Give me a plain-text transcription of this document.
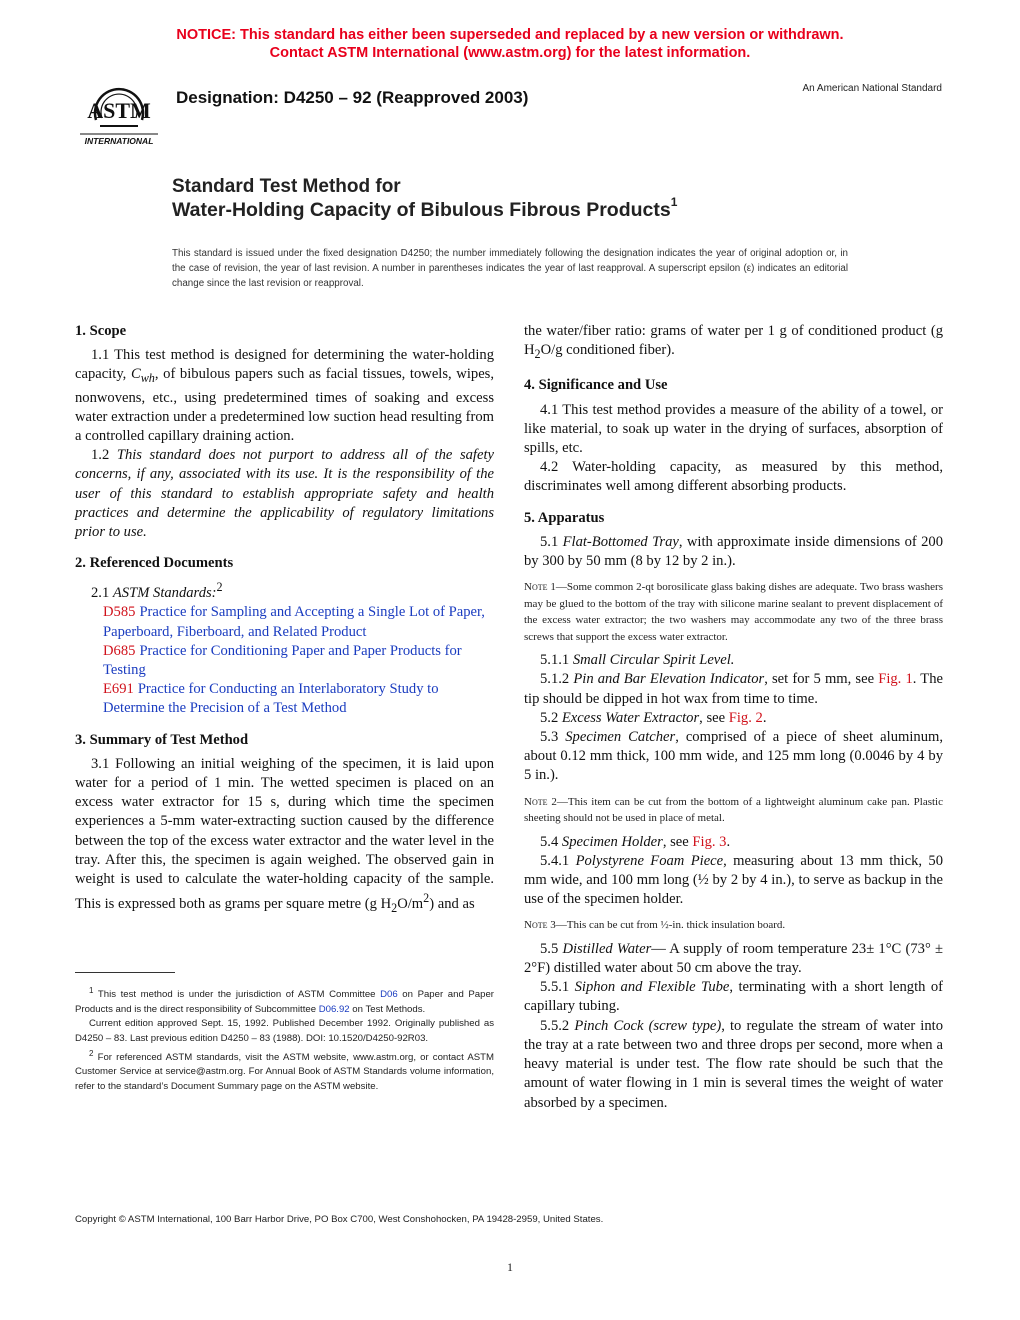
NOTICE: This standard has either been superseded and replaced by a new version or withdrawn.
Contact ASTM International (www.astm.org) for the latest information.
ASTM
INTERNATIONAL
Designation: D4250 – 92 (Reapproved 2003)	An American National Standard
Standard Test Method for
Water-Holding Capacity of Bibulous Fibrous Products$^1$
This standard is issued under the fixed designation D4250; the number immediately following the designation indicates the year of original adoption or, in the case of revision, the year of last revision. A number in parentheses indicates the year of last reapproval. A superscript epsilon (ε) indicates an editorial change since the last revision or reapproval.
1. Scope

1.1 This test method is designed for determining the water-holding capacity, $C_{wh}$, of bibulous papers such as facial tissues, towels, wipes, nonwovens, etc., using predetermined times of soaking and excess water extraction under a predetermined low suction head resulting from a controlled capillary draining action.

1.2 This standard does not purport to address all of the safety concerns, if any, associated with its use. It is the responsibility of the user of this standard to establish appropriate safety and health practices and determine the applicability of regulatory limitations prior to use.

2. Referenced Documents

2.1 ASTM Standards:$^2$

D585 Practice for Sampling and Accepting a Single Lot of Paper, Paperboard, Fiberboard, and Related Product

D685 Practice for Conditioning Paper and Paper Products for Testing

E691 Practice for Conducting an Interlaboratory Study to Determine the Precision of a Test Method

3. Summary of Test Method

3.1 Following an initial weighing of the specimen, it is laid upon water for a period of 1 min. The wetted specimen is placed on an excess water extractor for 15 s, during which time the specimen experiences a 5-mm water-extracting suction caused by the difference between the top of the excess water extractor and the water level in the tray. After this, the specimen is again weighed. The observed gain in weight is used to calculate the water-holding capacity of the sample. This is expressed both as grams per square metre (g $H_2O/m^2$) and as

the water/fiber ratio: grams of water per 1 g of conditioned product (g $H_2O/g$ conditioned fiber).

4. Significance and Use

4.1 This test method provides a measure of the ability of a towel, or like material, to soak up water in the drying of surfaces, absorption of spills, etc.

4.2 Water-holding capacity, as measured by this method, discriminates well among different absorbing products.

5. Apparatus

5.1 Flat-Bottomed Tray, with approximate inside dimensions of 200 by 300 by 50 mm (8 by 12 by 2 in.).

Note 1—Some common 2-qt borosilicate glass baking dishes are adequate. Two brass washers may be glued to the bottom of the tray with silicone marine sealant to prevent displacement of the excess water extractor; the two washers may accommodate any two of the three brass screws that support the excess water extractor.

5.1.1 Small Circular Spirit Level.

5.1.2 Pin and Bar Elevation Indicator, set for 5 mm, see Fig. 1. The tip should be dipped in hot wax from time to time.

5.2 Excess Water Extractor, see Fig. 2.

5.3 Specimen Catcher, comprised of a piece of sheet aluminum, about 0.12 mm thick, 100 mm wide, and 125 mm long (0.0046 by 4 by 5 in.).

Note 2—This item can be cut from the bottom of a lightweight aluminum cake pan. Plastic sheeting should not be used in place of metal.

5.4 Specimen Holder, see Fig. 3.

5.4.1 Polystyrene Foam Piece, measuring about 13 mm thick, 50 mm wide, and 100 mm long (½ by 2 by 4 in.), to serve as backup in the use of the specimen holder.

Note 3—This can be cut from ½-in. thick insulation board.

5.5 Distilled Water— A supply of room temperature 23± 1°C (73° ± 2°F) distilled water about 50 cm above the tray.

5.5.1 Siphon and Flexible Tube, terminating with a short length of capillary tubing.

5.5.2 Pinch Cock (screw type), to regulate the stream of water into the tray at a rate between two and three drops per second, more when a heavy material is under test. The flow rate should be such that the amount of water flowing in 1 min is several times the weight of water absorbed by a specimen.

$^1$ This test method is under the jurisdiction of ASTM Committee D06 on Paper and Paper Products and is the direct responsibility of Subcommittee D06.92 on Test Methods.

Current edition approved Sept. 15, 1992. Published December 1992. Originally published as D4250 – 83. Last previous edition D4250 – 83 (1988). DOI: 10.1520/D4250-92R03.

$^2$ For referenced ASTM standards, visit the ASTM website, www.astm.org, or contact ASTM Customer Service at service@astm.org. For Annual Book of ASTM Standards volume information, refer to the standard’s Document Summary page on the ASTM website.

Copyright © ASTM International, 100 Barr Harbor Drive, PO Box C700, West Conshohocken, PA 19428-2959, United States.
1
